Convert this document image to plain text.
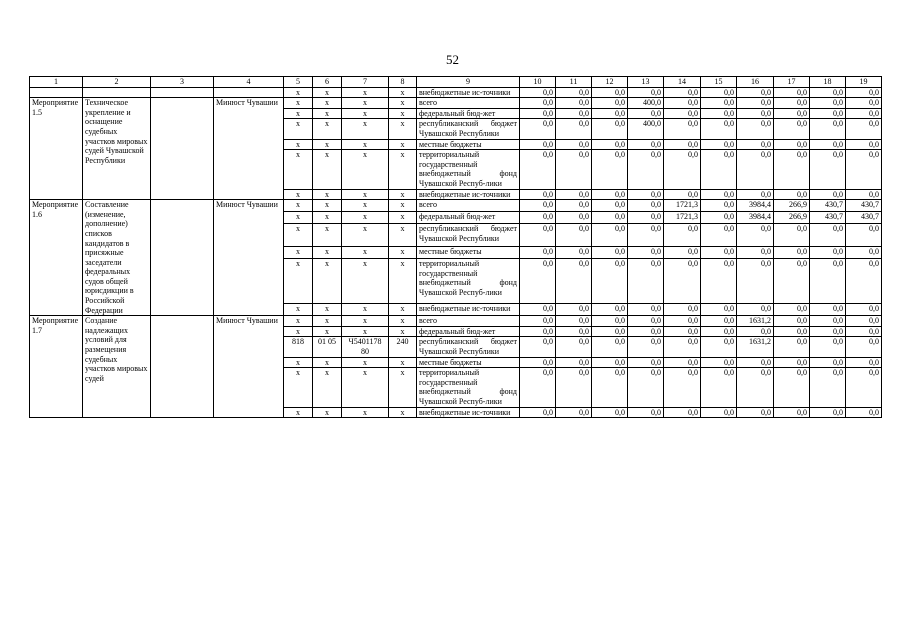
52
1	2	3	4	5	6	7	8	9	10	11	12	13	14	15	16	17	18	19
				х	х	х	х	внебюджетные ис-точники	0,0	0,0	0,0	0,0	0,0	0,0	0,0	0,0	0,0	0,0
Мероприятие 1.5	Техническое укрепление и оснащение судебных участков мировых судей Чувашской Республики		Минюст Чувашии	х	х	х	х	всего	0,0	0,0	0,0	400,0	0,0	0,0	0,0	0,0	0,0	0,0
				х	х	х	х	федеральный бюд-жет	0,0	0,0	0,0	0,0	0,0	0,0	0,0	0,0	0,0	0,0
				х	х	х	х	республиканский бюджет Чувашской Республики	0,0	0,0	0,0	400,0	0,0	0,0	0,0	0,0	0,0	0,0
				х	х	х	х	местные бюджеты	0,0	0,0	0,0	0,0	0,0	0,0	0,0	0,0	0,0	0,0
				х	х	х	х	территориальный государственный внебюджетный фонд Чувашской Респуб-лики	0,0	0,0	0,0	0,0	0,0	0,0	0,0	0,0	0,0	0,0
				х	х	х	х	внебюджетные ис-точники	0,0	0,0	0,0	0,0	0,0	0,0	0,0	0,0	0,0	0,0
Мероприятие 1.6	Составление (изменение, дополнение) списков кандидатов в присяжные заседатели федеральных судов общей юрисдикции в Российской Федерации		Минюст Чувашии	х	х	х	х	всего	0,0	0,0	0,0	0,0	1721,3	0,0	3984,4	266,9	430,7	430,7
				х	х	х	х	федеральный бюд-жет	0,0	0,0	0,0	0,0	1721,3	0,0	3984,4	266,9	430,7	430,7
				х	х	х	х	республиканский бюджет Чувашской Республики	0,0	0,0	0,0	0,0	0,0	0,0	0,0	0,0	0,0	0,0
				х	х	х	х	местные бюджеты	0,0	0,0	0,0	0,0	0,0	0,0	0,0	0,0	0,0	0,0
				х	х	х	х	территориальный государственный внебюджетный фонд Чувашской Респуб-лики	0,0	0,0	0,0	0,0	0,0	0,0	0,0	0,0	0,0	0,0
				х	х	х	х	внебюджетные ис-точники	0,0	0,0	0,0	0,0	0,0	0,0	0,0	0,0	0,0	0,0
Мероприятие 1.7	Создание надлежащих условий для размещения судебных участков мировых судей		Минюст Чувашии	х	х	х	х	всего	0,0	0,0	0,0	0,0	0,0	0,0	1631,2	0,0	0,0	0,0
				х	х	х	х	федеральный бюд-жет	0,0	0,0	0,0	0,0	0,0	0,0	0,0	0,0	0,0	0,0
				818	01 05	Ч5401178 80	240	республиканский бюджет Чувашской Республики	0,0	0,0	0,0	0,0	0,0	0,0	1631,2	0,0	0,0	0,0
				х	х	х	х	местные бюджеты	0,0	0,0	0,0	0,0	0,0	0,0	0,0	0,0	0,0	0,0
				х	х	х	х	территориальный государственный внебюджетный фонд Чувашской Респуб-лики	0,0	0,0	0,0	0,0	0,0	0,0	0,0	0,0	0,0	0,0
				х	х	х	х	внебюджетные ис-точники	0,0	0,0	0,0	0,0	0,0	0,0	0,0	0,0	0,0	0,0
